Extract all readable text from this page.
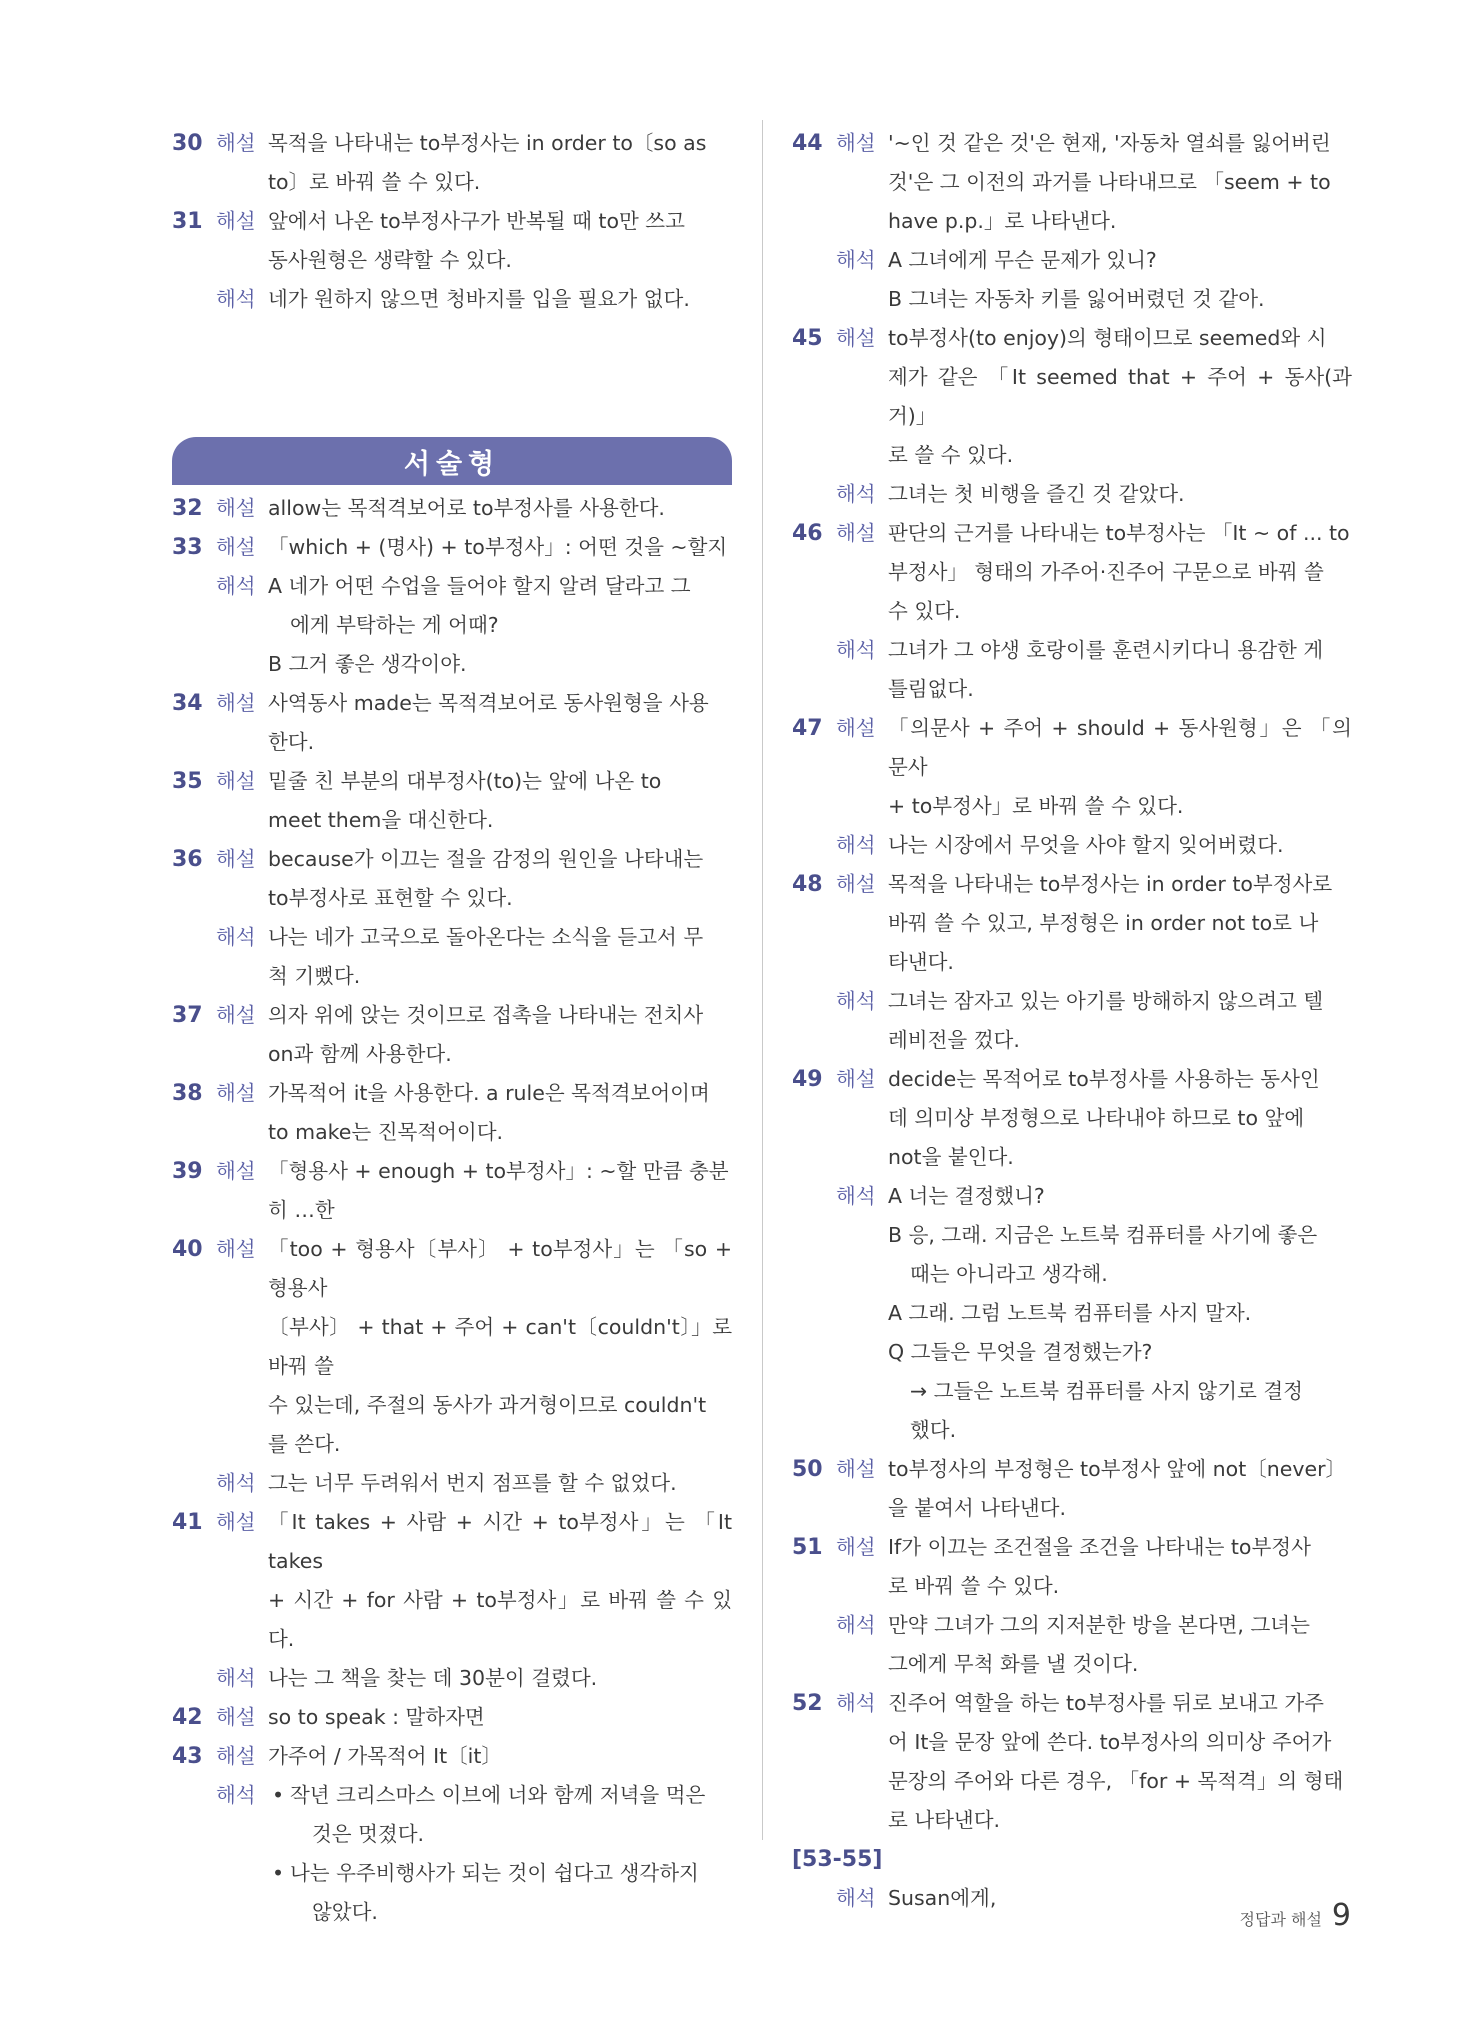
30 해설 목적을 나타내는 to부정사는 in order to〔so as
to〕로 바꿔 쓸 수 있다.
31 해설 앞에서 나온 to부정사구가 반복될 때 to만 쓰고
동사원형은 생략할 수 있다.
해석 네가 원하지 않으면 청바지를 입을 필요가 없다.
서술형
32 해설 allow는 목적격보어로 to부정사를 사용한다.
33 해설 「which + (명사) + to부정사」: 어떤 것을 ~할지
해석 A 네가 어떤 수업을 들어야 할지 알려 달라고 그
에게 부탁하는 게 어때?
B 그거 좋은 생각이야.
34 해설 사역동사 made는 목적격보어로 동사원형을 사용
한다.
35 해설 밑줄 친 부분의 대부정사(to)는 앞에 나온 to
meet them을 대신한다.
36 해설 because가 이끄는 절을 감정의 원인을 나타내는
to부정사로 표현할 수 있다.
해석 나는 네가 고국으로 돌아온다는 소식을 듣고서 무
척 기뻤다.
37 해설 의자 위에 앉는 것이므로 접촉을 나타내는 전치사
on과 함께 사용한다.
38 해설 가목적어 it을 사용한다. a rule은 목적격보어이며
to make는 진목적어이다.
39 해설 「형용사 + enough + to부정사」: ~할 만큼 충분
히 …한
40 해설 「too + 형용사〔부사〕 + to부정사」는 「so + 형용사
〔부사〕 + that + 주어 + can't〔couldn't〕」로 바꿔 쓸
수 있는데, 주절의 동사가 과거형이므로 couldn't
를 쓴다.
해석 그는 너무 두려워서 번지 점프를 할 수 없었다.
41 해설 「It takes + 사람 + 시간 + to부정사」는 「It takes
+ 시간 + for 사람 + to부정사」로 바꿔 쓸 수 있다.
해석 나는 그 책을 찾는 데 30분이 걸렸다.
42 해설 so to speak : 말하자면
43 해설 가주어 / 가목적어 It〔it〕
해석 • 작년 크리스마스 이브에 너와 함께 저녁을 먹은
것은 멋졌다.
• 나는 우주비행사가 되는 것이 쉽다고 생각하지
않았다.
44 해설 '~인 것 같은 것'은 현재, '자동차 열쇠를 잃어버린
것'은 그 이전의 과거를 나타내므로 「seem + to
have p.p.」로 나타낸다.
해석 A 그녀에게 무슨 문제가 있니?
B 그녀는 자동차 키를 잃어버렸던 것 같아.
45 해설 to부정사(to enjoy)의 형태이므로 seemed와 시
제가 같은 「It seemed that + 주어 + 동사(과거)」
로 쓸 수 있다.
해석 그녀는 첫 비행을 즐긴 것 같았다.
46 해설 판단의 근거를 나타내는 to부정사는 「It ~ of ... to
부정사」 형태의 가주어·진주어 구문으로 바꿔 쓸
수 있다.
해석 그녀가 그 야생 호랑이를 훈련시키다니 용감한 게
틀림없다.
47 해설 「의문사 + 주어 + should + 동사원형」은 「의문사
+ to부정사」로 바꿔 쓸 수 있다.
해석 나는 시장에서 무엇을 사야 할지 잊어버렸다.
48 해설 목적을 나타내는 to부정사는 in order to부정사로
바꿔 쓸 수 있고, 부정형은 in order not to로 나
타낸다.
해석 그녀는 잠자고 있는 아기를 방해하지 않으려고 텔
레비전을 껐다.
49 해설 decide는 목적어로 to부정사를 사용하는 동사인
데 의미상 부정형으로 나타내야 하므로 to 앞에
not을 붙인다.
해석 A 너는 결정했니?
B 응, 그래. 지금은 노트북 컴퓨터를 사기에 좋은
때는 아니라고 생각해.
A 그래. 그럼 노트북 컴퓨터를 사지 말자.
Q 그들은 무엇을 결정했는가?
→ 그들은 노트북 컴퓨터를 사지 않기로 결정
했다.
50 해설 to부정사의 부정형은 to부정사 앞에 not〔never〕
을 붙여서 나타낸다.
51 해설 If가 이끄는 조건절을 조건을 나타내는 to부정사
로 바꿔 쓸 수 있다.
해석 만약 그녀가 그의 지저분한 방을 본다면, 그녀는
그에게 무척 화를 낼 것이다.
52 해석 진주어 역할을 하는 to부정사를 뒤로 보내고 가주
어 It을 문장 앞에 쓴다. to부정사의 의미상 주어가
문장의 주어와 다른 경우, 「for + 목적격」의 형태
로 나타낸다.
[53-55]
해석 Susan에게,
정답과 해설 9
